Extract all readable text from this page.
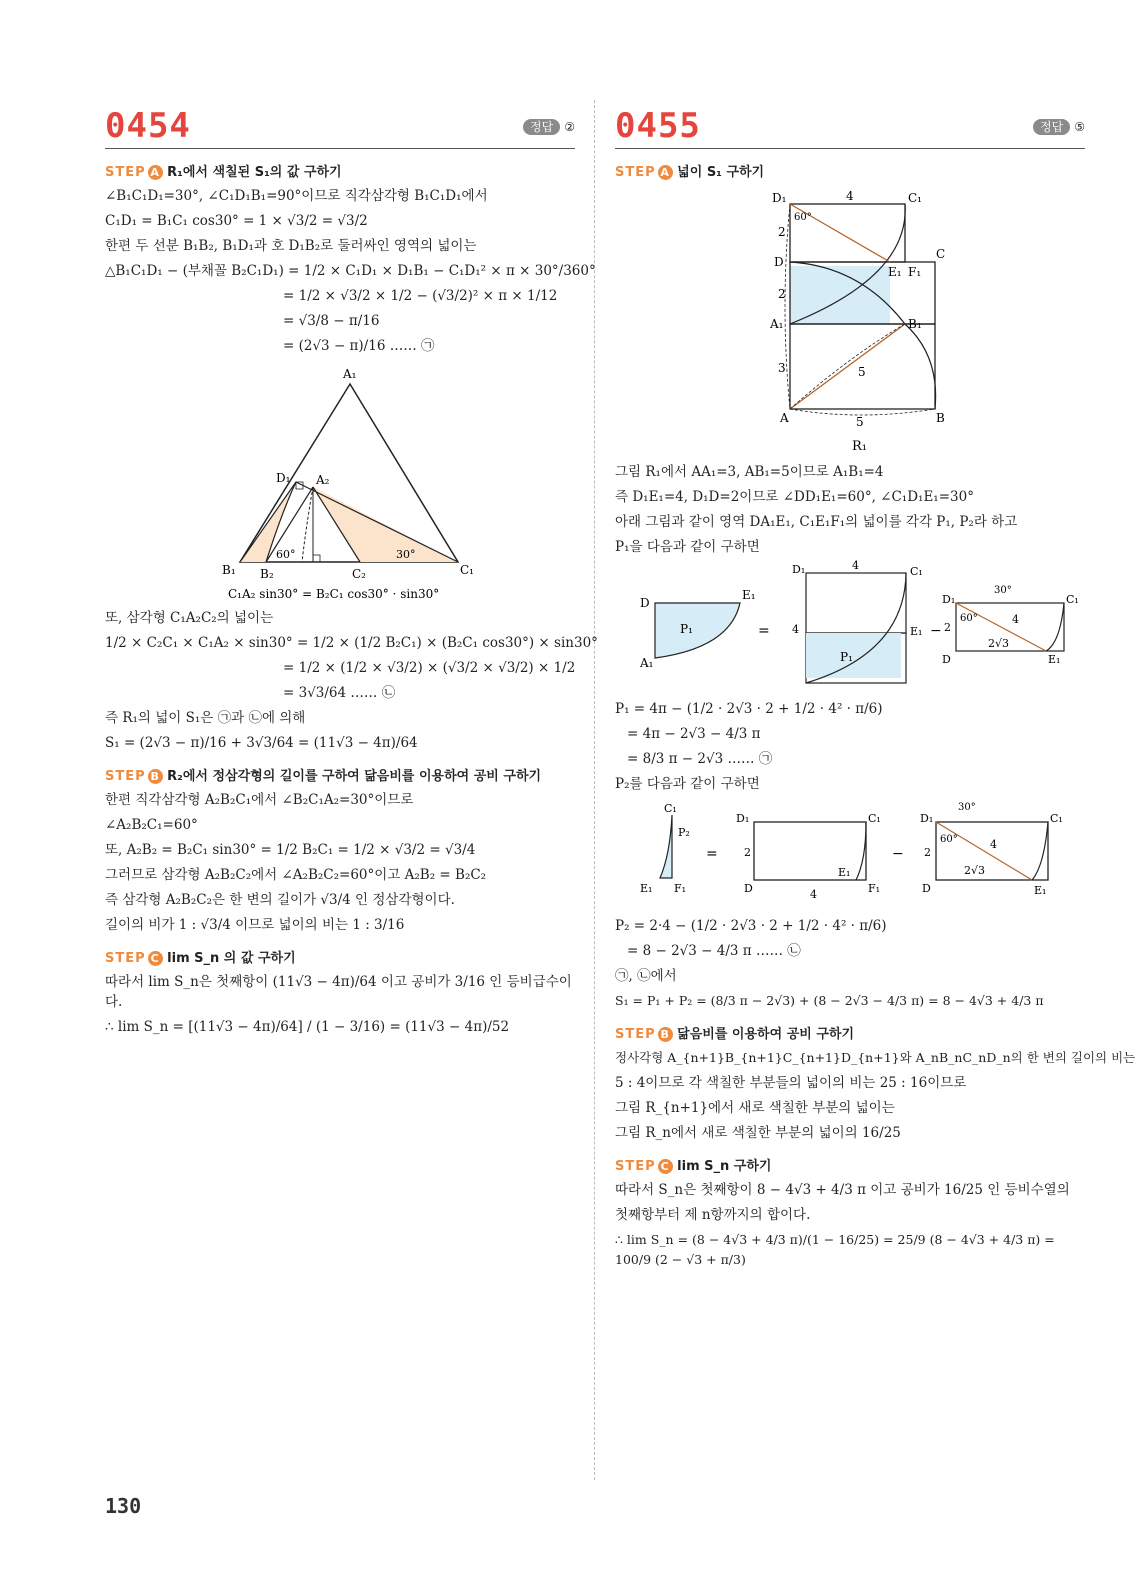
0454	정답 ②
STEP A R₁에서 색칠된 S₁의 값 구하기
∠B₁C₁D₁=30°, ∠C₁D₁B₁=90°이므로 직각삼각형 B₁C₁D₁에서
C₁D₁ = B₁C₁ cos30° = 1 × √3/2 = √3/2
한편 두 선분 B₁B₂, B₁D₁과 호 D₁B₂로 둘러싸인 영역의 넓이는
△B₁C₁D₁ − (부채꼴 B₂C₁D₁) = 1/2 × C₁D₁ × D₁B₁ − C₁D₁² × π × 30°/360°
= 1/2 × √3/2 × 1/2 − (√3/2)² × π × 1/12
= √3/8 − π/16
= (2√3 − π)/16 …… ㉠
A₁
D₁ A₂
B₁ B₂	C₂	C₁
60°	30°
C₁A₂ sin30° = B₂C₁ cos30° · sin30°
또, 삼각형 C₁A₂C₂의 넓이는
1/2 × C₂C₁ × C₁A₂ × sin30° = 1/2 × (1/2 B₂C₁) × (B₂C₁ cos30°) × sin30°
= 1/2 × (1/2 × √3/2) × (√3/2 × √3/2) × 1/2
= 3√3/64 …… ㉡
즉 R₁의 넓이 S₁은 ㉠과 ㉡에 의해
S₁ = (2√3 − π)/16 + 3√3/64 = (11√3 − 4π)/64
STEP B R₂에서 정삼각형의 길이를 구하여 닮음비를 이용하여 공비 구하기
한편 직각삼각형 A₂B₂C₁에서 ∠B₂C₁A₂=30°이므로
∠A₂B₂C₁=60°
또, A₂B₂ = B₂C₁ sin30° = 1/2 B₂C₁ = 1/2 × √3/2 = √3/4
그러므로 삼각형 A₂B₂C₂에서 ∠A₂B₂C₂=60°이고 A₂B₂ = B₂C₂
즉 삼각형 A₂B₂C₂은 한 변의 길이가 √3/4 인 정삼각형이다.
길이의 비가 1 : √3/4 이므로 넓이의 비는 1 : 3/16
STEP C lim S_n 의 값 구하기
따라서 lim S_n은 첫째항이 (11√3 − 4π)/64 이고 공비가 3/16 인 등비급수이다.
∴ lim S_n = [(11√3 − 4π)/64] / (1 − 3/16) = (11√3 − 4π)/52
0455	정답 ⑤
STEP A 넓이 S₁ 구하기
D₁	C₁
C
D
E₁ F₁
A₁	B₁
A	B
4
2
2
3	5
5
60°
R₁
그림 R₁에서 AA₁=3, AB₁=5이므로 A₁B₁=4
즉 D₁E₁=4, D₁D=2이므로 ∠DD₁E₁=60°, ∠C₁D₁E₁=30°
아래 그림과 같이 영역 DA₁E₁, C₁E₁F₁의 넓이를 각각 P₁, P₂라 하고
P₁을 다음과 같이 구하면
D
E₁
P₁
A₁
=
D₁	C₁
4
4
P₁
E₁ −
D₁	C₁
30°
60°
2
4
2√3
D	E₁
P₁ = 4π − (1/2 · 2√3 · 2 + 1/2 · 4² · π/6)
= 4π − 2√3 − 4/3 π
= 8/3 π − 2√3 …… ㉠
P₂를 다음과 같이 구하면
C₁
P₂
E₁ F₁
=
D₁	C₁
2
E₁
D	4	F₁
−
D₁	C₁
30°
60°
2
4
2√3
D	E₁
P₂ = 2·4 − (1/2 · 2√3 · 2 + 1/2 · 4² · π/6)
= 8 − 2√3 − 4/3 π …… ㉡
㉠, ㉡에서
S₁ = P₁ + P₂ = (8/3 π − 2√3) + (8 − 2√3 − 4/3 π) = 8 − 4√3 + 4/3 π
STEP B 닮음비를 이용하여 공비 구하기
정사각형 A_{n+1}B_{n+1}C_{n+1}D_{n+1}와 A_nB_nC_nD_n의 한 변의 길이의 비는
5 : 4이므로 각 색칠한 부분들의 넓이의 비는 25 : 16이므로
그림 R_{n+1}에서 새로 색칠한 부분의 넓이는
그림 R_n에서 새로 색칠한 부분의 넓이의 16/25
STEP C lim S_n 구하기
따라서 S_n은 첫째항이 8 − 4√3 + 4/3 π 이고 공비가 16/25 인 등비수열의
첫째항부터 제 n항까지의 합이다.
∴ lim S_n = (8 − 4√3 + 4/3 π)/(1 − 16/25) = 25/9 (8 − 4√3 + 4/3 π) = 100/9 (2 − √3 + π/3)
130
